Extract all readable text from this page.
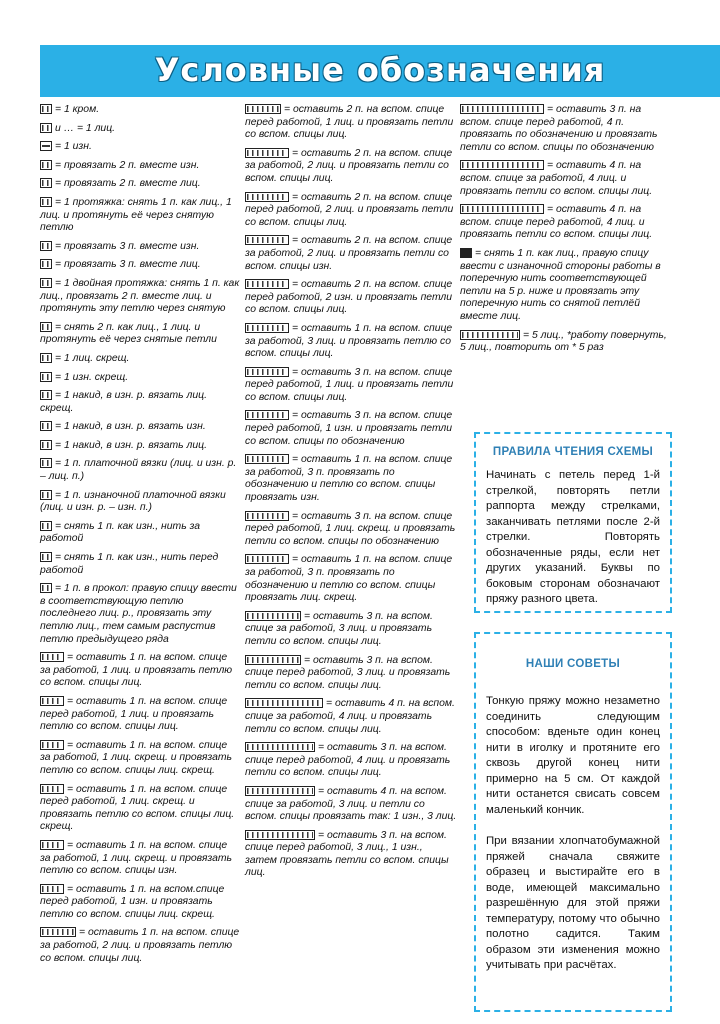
Условные обозначения
= 1 кром.
и … = 1 лиц.
= 1 изн.
= провязать 2 п. вместе изн.
= провязать 2 п. вместе лиц.
= 1 протяжка: снять 1 п. как лиц., 1 лиц. и протянуть её через снятую петлю
= провязать 3 п. вместе изн.
= провязать 3 п. вместе лиц.
= 1 двойная протяжка: снять 1 п. как лиц., провязать 2 п. вместе лиц. и протянуть эту петлю через снятую
= снять 2 п. как лиц., 1 лиц. и протянуть её через снятые петли
= 1 лиц. скрещ.
= 1 изн. скрещ.
= 1 накид, в изн. р. вязать лиц. скрещ.
= 1 накид, в изн. р. вязать изн.
= 1 накид, в изн. р. вязать лиц.
= 1 п. платочной вязки (лиц. и изн. р. – лиц. п.)
= 1 п. изнаночной платочной вязки (лиц. и изн. р. – изн. п.)
= снять 1 п. как изн., нить за работой
= снять 1 п. как изн., нить перед работой
= 1 п. в прокол: правую спицу ввести в соответствующую петлю последнего лиц. р., провязать эту петлю лиц., тем самым распустив петлю предыдущего ряда
= оставить 1 п. на вспом. спице за работой, 1 лиц. и провязать петлю со вспом. спицы лиц.
= оставить 1 п. на вспом. спице перед работой, 1 лиц. и провязать петлю со вспом. спицы лиц.
= оставить 1 п. на вспом. спице за работой, 1 лиц. скрещ. и провязать петлю со вспом. спицы лиц. скрещ.
= оставить 1 п. на вспом. спице перед работой, 1 лиц. скрещ. и провязать петлю со вспом. спицы лиц. скрещ.
= оставить 1 п. на вспом. спице за работой, 1 лиц. скрещ. и провязать петлю со вспом. спицы изн.
= оставить 1 п. на вспом.спице перед работой, 1 изн. и провязать петлю со вспом. спицы лиц. скрещ.
= оставить 1 п. на вспом. спице за работой, 2 лиц. и провязать петлю со вспом. спицы лиц.
= оставить 2 п. на вспом. спице перед работой, 1 лиц. и провязать петли со вспом. спицы лиц.
= оставить 2 п. на вспом. спице за работой, 2 лиц. и провязать петли со вспом. спицы лиц.
= оставить 2 п. на вспом. спице перед работой, 2 лиц. и провязать петли со вспом. спицы лиц.
= оставить 2 п. на вспом. спице за работой, 2 лиц. и провязать петли со вспом. спицы изн.
= оставить 2 п. на вспом. спице перед работой, 2 изн. и провязать петли со вспом. спицы лиц.
= оставить 1 п. на вспом. спице за работой, 3 лиц. и провязать петлю со вспом. спицы лиц.
= оставить 3 п. на вспом. спице перед работой, 1 лиц. и провязать петли со вспом. спицы лиц.
= оставить 3 п. на вспом. спице перед работой, 1 изн. и провязать петли со вспом. спицы по обозначению
= оставить 1 п. на вспом. спице за работой, 3 п. провязать по обозначению и петлю со вспом. спицы провязать изн.
= оставить 3 п. на вспом. спице перед работой, 1 лиц. скрещ. и провязать петли со вспом. спицы по обозначению
= оставить 1 п. на вспом. спице за работой, 3 п. провязать по обозначению и петлю со вспом. спицы провязать лиц. скрещ.
= оставить 3 п. на вспом. спице за работой, 3 лиц. и провязать петли со вспом. спицы лиц.
= оставить 3 п. на вспом. спице перед работой, 3 лиц. и провязать петли со вспом. спицы лиц.
= оставить 4 п. на вспом. спице за работой, 4 лиц. и провязать петли со вспом. спицы лиц.
= оставить 3 п. на вспом. спице перед работой, 4 лиц. и провязать петли со вспом. спицы лиц.
= оставить 4 п. на вспом. спице за работой, 3 лиц. и петли со вспом. спицы провязать так: 1 изн., 3 лиц.
= оставить 3 п. на вспом. спице перед работой, 3 лиц., 1 изн., затем провязать петли со вспом. спицы лиц.
= оставить 3 п. на вспом. спице перед работой, 4 п. провязать по обозначению и провязать петли со вспом. спицы по обозначению
= оставить 4 п. на вспом. спице за работой, 4 лиц. и провязать петли со вспом. спицы лиц.
= оставить 4 п. на вспом. спице перед работой, 4 лиц. и провязать петли со вспом. спицы лиц.
= снять 1 п. как лиц., правую спицу ввести с изнаночной стороны работы в поперечную нить соответствующей петли на 5 р. ниже и провязать эту поперечную нить со снятой петлёй вместе лиц.
= 5 лиц., *работу повернуть, 5 лиц., повторить от * 5 раз
ПРАВИЛА ЧТЕНИЯ СХЕМЫ

Начинать с петель перед 1-й стрелкой, повторять петли раппорта между стрелками, заканчивать петлями после 2-й стрелки. Повторять обозначенные ряды, если нет других указаний. Буквы по боковым сторонам обозначают пряжу разного цвета.

НАШИ СОВЕТЫ

Тонкую пряжу можно незаметно соединить следующим способом: вденьте один конец нити в иголку и протяните его сквозь другой конец нити примерно на 5 см. От каждой нити останется свисать совсем маленький кончик.

При вязании хлопчатобумажной пряжей сначала свяжите образец и выстирайте его в воде, имеющей максимально разрешённую для этой пряжи температуру, потому что обычно полотно садится. Таким образом эти изменения можно учитывать при расчётах.
